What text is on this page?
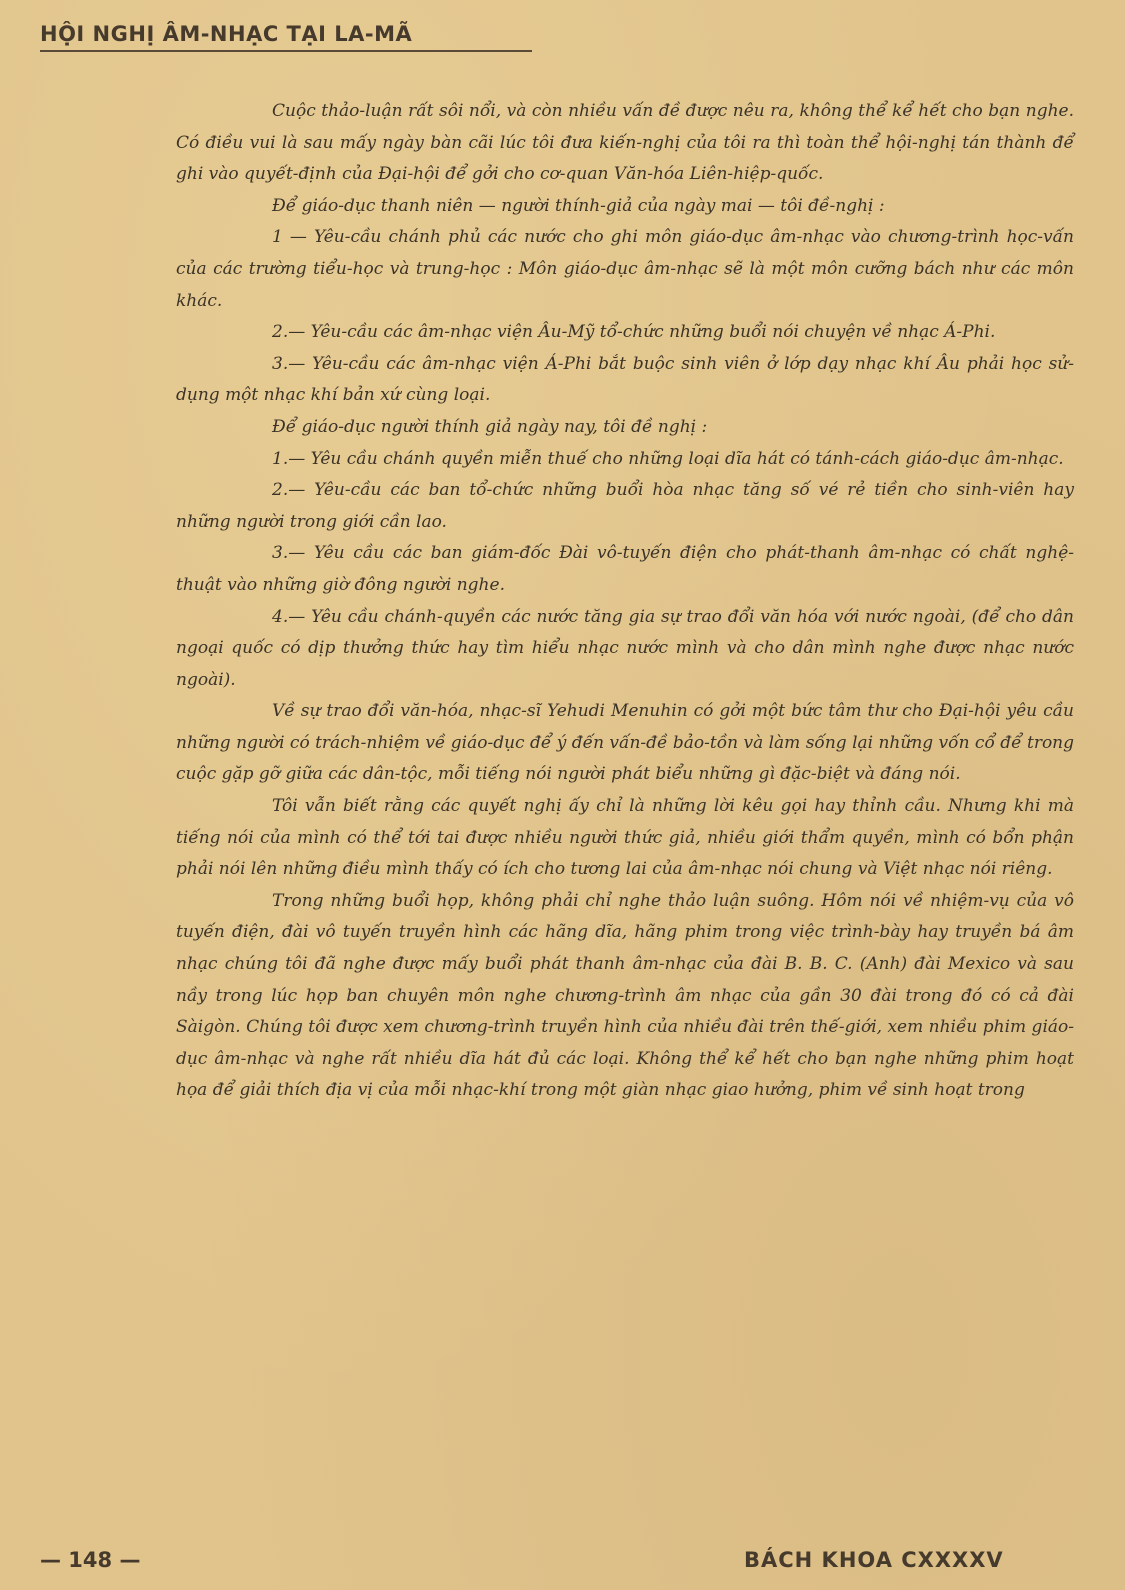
HỘI NGHỊ ÂM-NHẠC TẠI LA-MÃ

Cuộc thảo-luận rất sôi nổi, và còn nhiều vấn đề được nêu ra, không thể kể hết cho bạn nghe. Có điều vui là sau mấy ngày bàn cãi lúc tôi đưa kiến-nghị của tôi ra thì toàn thể hội-nghị tán thành để ghi vào quyết-định của Đại-hội để gởi cho cơ-quan Văn-hóa Liên-hiệp-quốc.

Để giáo-dục thanh niên — người thính-giả của ngày mai — tôi đề-nghị :

1 — Yêu-cầu chánh phủ các nước cho ghi môn giáo-dục âm-nhạc vào chương-trình học-vấn của các trường tiểu-học và trung-học : Môn giáo-dục âm-nhạc sẽ là một môn cưỡng bách như các môn khác.

2.— Yêu-cầu các âm-nhạc viện Âu-Mỹ tổ-chức những buổi nói chuyện về nhạc Á-Phi.

3.— Yêu-cầu các âm-nhạc viện Á-Phi bắt buộc sinh viên ở lớp dạy nhạc khí Âu phải học sử-dụng một nhạc khí bản xứ cùng loại.

Để giáo-dục người thính giả ngày nay, tôi đề nghị :

1.— Yêu cầu chánh quyền miễn thuế cho những loại dĩa hát có tánh-cách giáo-dục âm-nhạc.

2.— Yêu-cầu các ban tổ-chức những buổi hòa nhạc tăng số vé rẻ tiền cho sinh-viên hay những người trong giới cần lao.

3.— Yêu cầu các ban giám-đốc Đài vô-tuyến điện cho phát-thanh âm-nhạc có chất nghệ-thuật vào những giờ đông người nghe.

4.— Yêu cầu chánh-quyền các nước tăng gia sự trao đổi văn hóa với nước ngoài, (để cho dân ngoại quốc có dịp thưởng thức hay tìm hiểu nhạc nước mình và cho dân mình nghe được nhạc nước ngoài).

Về sự trao đổi văn-hóa, nhạc-sĩ Yehudi Menuhin có gởi một bức tâm thư cho Đại-hội yêu cầu những người có trách-nhiệm về giáo-dục để ý đến vấn-đề bảo-tồn và làm sống lại những vốn cổ để trong cuộc gặp gỡ giữa các dân-tộc, mỗi tiếng nói người phát biểu những gì đặc-biệt và đáng nói.

Tôi vẫn biết rằng các quyết nghị ấy chỉ là những lời kêu gọi hay thỉnh cầu. Nhưng khi mà tiếng nói của mình có thể tới tai được nhiều người thức giả, nhiều giới thẩm quyền, mình có bổn phận phải nói lên những điều mình thấy có ích cho tương lai của âm-nhạc nói chung và Việt nhạc nói riêng.

Trong những buổi họp, không phải chỉ nghe thảo luận suông. Hôm nói về nhiệm-vụ của vô tuyến điện, đài vô tuyến truyền hình các hãng dĩa, hãng phim trong việc trình-bày hay truyền bá âm nhạc chúng tôi đã nghe được mấy buổi phát thanh âm-nhạc của đài B. B. C. (Anh) đài Mexico và sau nầy trong lúc họp ban chuyên môn nghe chương-trình âm nhạc của gần 30 đài trong đó có cả đài Sàigòn. Chúng tôi được xem chương-trình truyền hình của nhiều đài trên thế-giới, xem nhiều phim giáo-dục âm-nhạc và nghe rất nhiều dĩa hát đủ các loại. Không thể kể hết cho bạn nghe những phim hoạt họa để giải thích địa vị của mỗi nhạc-khí trong một giàn nhạc giao hưởng, phim về sinh hoạt trong

— 148 —	BÁCH KHOA CXXXXV
